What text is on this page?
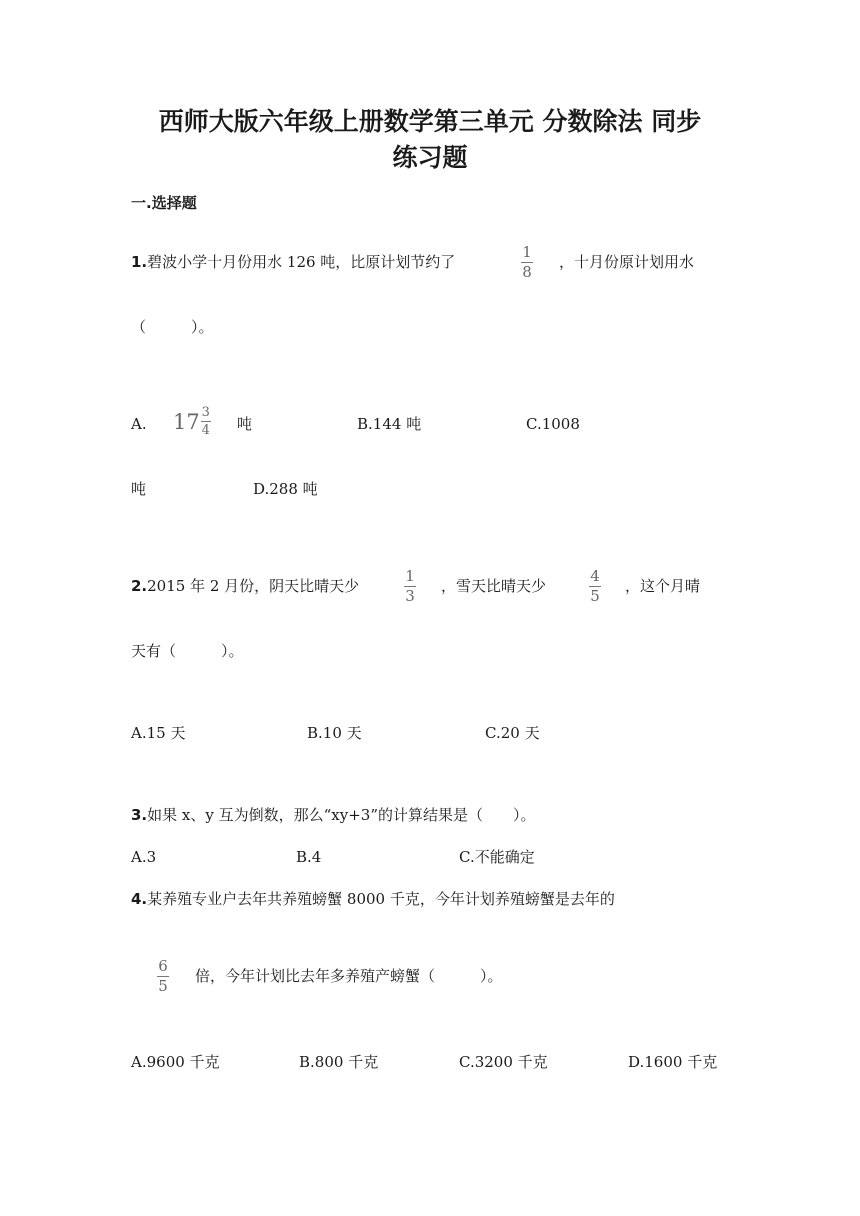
西师大版六年级上册数学第三单元 分数除法 同步
练习题
一.选择题
1.碧波小学十月份用水 126 吨，比原计划节约了
1
8
，十月份原计划用水
（　　　）。
A. $17 \frac{3}{4}$ 吨	B.144 吨	C.1008
吨	D.288 吨
2.2015 年 2 月份，阴天比晴天少
1
3
，雪天比晴天少
4
5
，这个月晴
天有（　　　）。
A.15 天	B.10 天	C.20 天
3.如果 x、y 互为倒数，那么“xy+3”的计算结果是（　　）。
A.3	B.4	C.不能确定
4.某养殖专业户去年共养殖螃蟹 8000 千克，今年计划养殖螃蟹是去年的
6
5
倍，今年计划比去年多养殖产螃蟹（　　　）。
A.9600 千克	B.800 千克	C.3200 千克	D.1600 千克
